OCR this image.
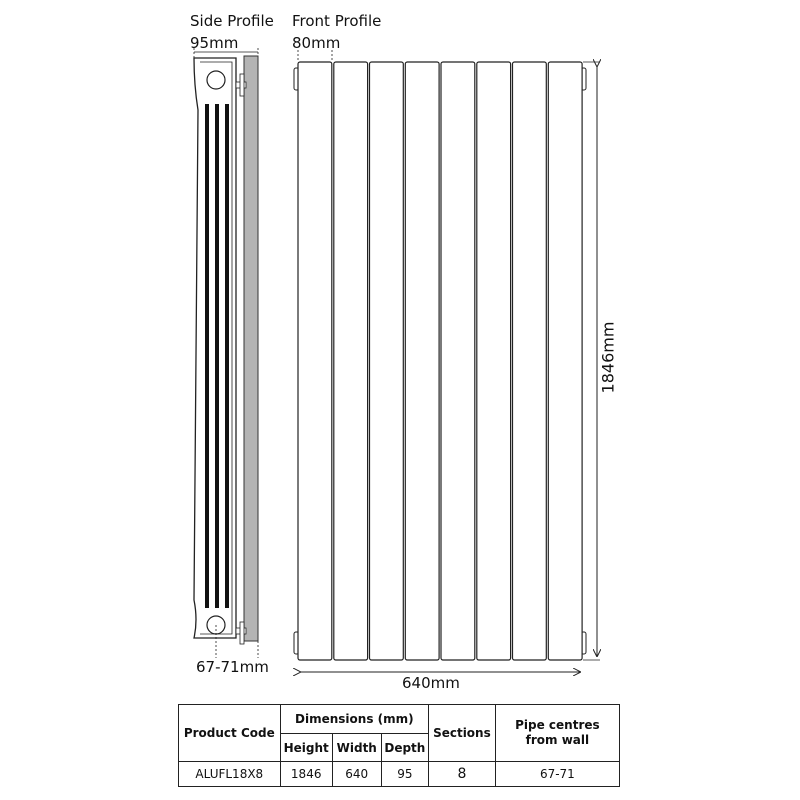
Side Profile
95mm
Front Profile
80mm
67-71mm
640mm
1846mm
Product Code	Dimensions (mm)			Sections	Pipe centres from wall
	Height	Width	Depth		
ALUFL18X8	1846	640	95	8	67-71
